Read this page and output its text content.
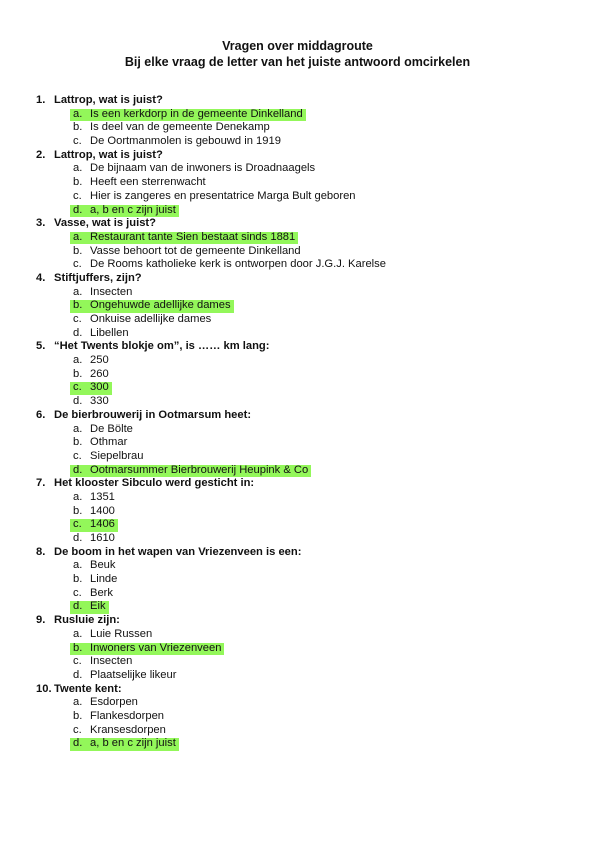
Vragen over middagroute
Bij elke vraag de letter van het juiste antwoord omcirkelen
1. Lattrop, wat is juist?
a. Is een kerkdorp in de gemeente Dinkelland
b. Is deel van de gemeente Denekamp
c. De Oortmanmolen is gebouwd in 1919
2. Lattrop, wat is juist?
a. De bijnaam van de inwoners is Droadnaagels
b. Heeft een sterrenwacht
c. Hier is zangeres en presentatrice Marga Bult geboren
d. a, b en c zijn juist
3. Vasse, wat is juist?
a. Restaurant tante Sien bestaat sinds 1881
b. Vasse behoort tot de gemeente Dinkelland
c. De Rooms katholieke kerk is ontworpen door J.G.J. Karelse
4. Stiftjuffers, zijn?
a. Insecten
b. Ongehuwde adellijke dames
c. Onkuise adellijke dames
d. Libellen
5. “Het Twents blokje om”, is …… km lang:
a. 250
b. 260
c. 300
d. 330
6. De bierbrouwerij in Ootmarsum heet:
a. De Bölte
b. Othmar
c. Siepelbrau
d. Ootmarsummer Bierbrouwerij Heupink & Co
7. Het klooster Sibculo werd gesticht in:
a. 1351
b. 1400
c. 1406
d. 1610
8. De boom in het wapen van Vriezenveen is een:
a. Beuk
b. Linde
c. Berk
d. Eik
9. Rusluie zijn:
a. Luie Russen
b. Inwoners van Vriezenveen
c. Insecten
d. Plaatselijke likeur
10. Twente kent:
a. Esdorpen
b. Flankesdorpen
c. Kransesdorpen
d. a, b en c zijn juist
